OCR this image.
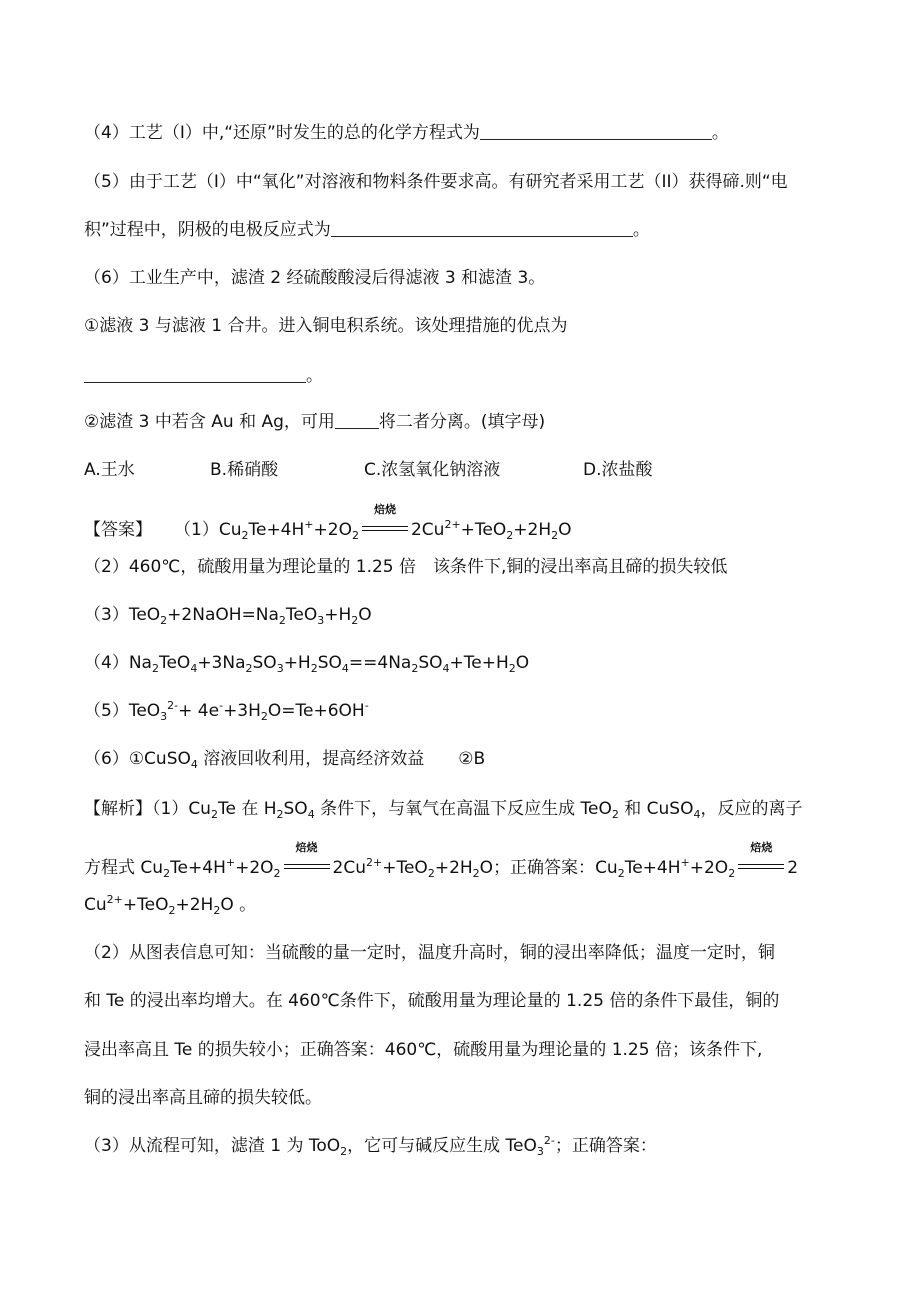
（4）工艺（I）中,“还原”时发生的总的化学方程式为	。
（5）由于工艺（I）中“氧化”对溶液和物料条件要求高。有研究者采用工艺（II）获得碲.则“电
积”过程中，阴极的电极反应式为	。
（6）工业生产中，滤渣 2 经硫酸酸浸后得滤液 3 和滤渣 3。
①滤液 3 与滤液 1 合井。进入铜电积系统。该处理措施的优点为
。
②滤渣 3 中若含 Au 和 Ag，可用	将二者分离。(填字母)
A.王水	B.稀硝酸	C.浓氢氧化钠溶液	D.浓盐酸
【答案】 $(1)Cu_2Te+4H^++2O_2$
焙烧
$2Cu^{2+}+TeO_2+2H_2O$
（2）460℃，硫酸用量为理论量的 1.25 倍　该条件下,铜的浸出率高且碲的损失较低
$(3)TeO_2+2NaOH=Na_2TeO_3+H_2O$
$(4)Na_2TeO_4+3Na_2SO_3+H_2SO_4==4Na_2SO_4+Te+H_2O$
$(5)TeO_3^{2-}+ 4e^-+3H_2O=Te+6OH^-$
（6）①CuSO$_4$ 溶液回收利用，提高经济效益　　②B
【解析】$(1)Cu_2Te$ 在 $H_2SO_4$ 条件下，与氧气在高温下反应生成 TeO$_2$ 和 CuSO$_4$，反应的离子
方程式 $Cu_2Te+4H^++2O_2$
焙烧
$2Cu^{2+}+TeO_2+2H_2O$；正确答案：$Cu_2Te+4H^++2O_2$
焙烧
2
$Cu^{2+}+TeO_2+2H_2O$ 。
（2）从图表信息可知：当硫酸的量一定时，温度升高时，铜的浸出率降低；温度一定时，铜
和 Te 的浸出率均增大。在 460℃条件下，硫酸用量为理论量的 1.25 倍的条件下最佳，铜的
浸出率高且 Te 的损失较小；正确答案：460℃，硫酸用量为理论量的 1.25 倍；该条件下,
铜的浸出率高且碲的损失较低。
（3）从流程可知，滤渣 1 为 ToO$_2$，它可与碱反应生成 TeO$_3^{2-}$；正确答案：
